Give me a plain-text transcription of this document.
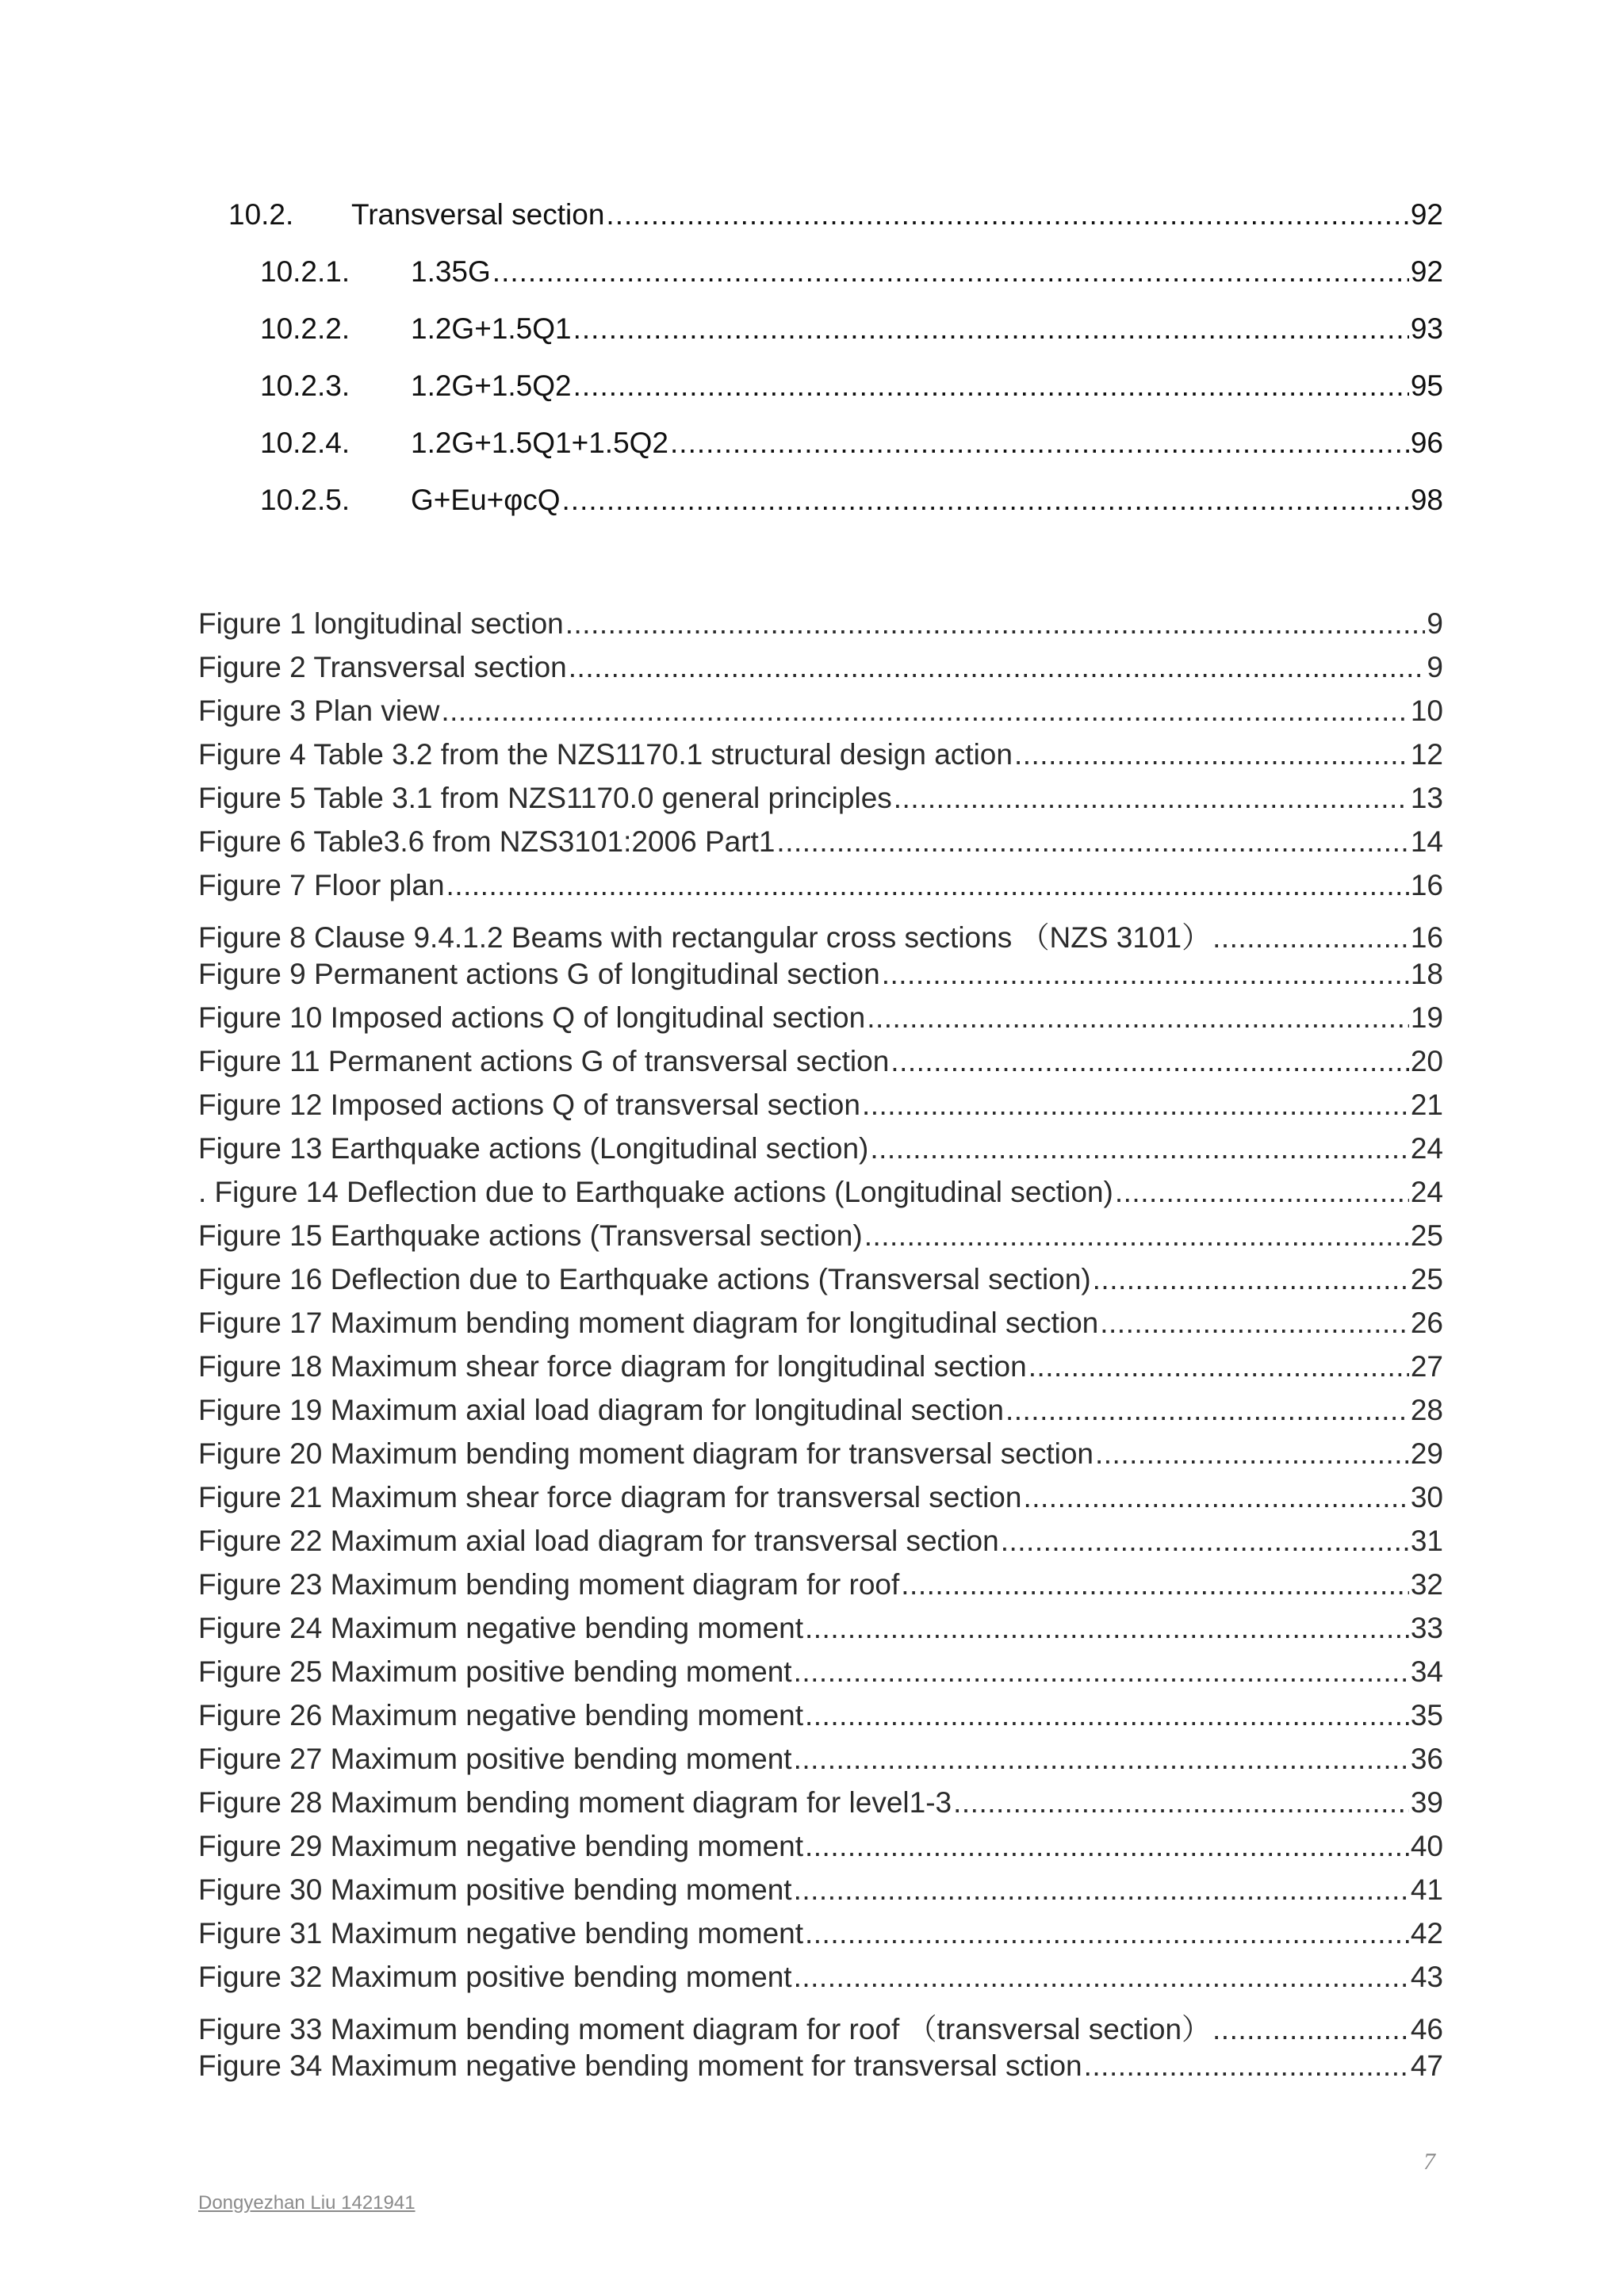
10.2.	Transversal section .....	92
10.2.1.	1.35G .....	92
10.2.2.	1.2G+1.5Q1 .....	93
10.2.3.	1.2G+1.5Q2 .....	95
10.2.4.	1.2G+1.5Q1+1.5Q2 .....	96
10.2.5.	G+Eu+φcQ .....	98
Figure 1 longitudinal section .....	9
Figure 2 Transversal section .....	9
Figure 3 Plan view .....	10
Figure 4 Table 3.2 from the NZS1170.1 structural design action .....	12
Figure 5 Table 3.1 from NZS1170.0 general principles .....	13
Figure 6 Table3.6 from NZS3101:2006 Part1 .....	14
Figure 7 Floor plan .....	16
Figure 8 Clause 9.4.1.2 Beams with rectangular cross sections （NZS 3101） .....	16
Figure 9 Permanent actions G of longitudinal section .....	18
Figure 10 Imposed actions Q of longitudinal section .....	19
Figure 11 Permanent actions G of transversal section .....	20
Figure 12 Imposed actions Q of transversal section .....	21
Figure 13 Earthquake actions (Longitudinal section) .....	24
. Figure 14 Deflection due to Earthquake actions (Longitudinal section) .....	24
Figure 15 Earthquake actions (Transversal section) .....	25
Figure 16 Deflection due to Earthquake actions (Transversal section) .....	25
Figure 17 Maximum bending moment diagram for longitudinal section .....	26
Figure 18 Maximum shear force diagram for longitudinal section .....	27
Figure 19 Maximum axial load diagram for longitudinal section .....	28
Figure 20 Maximum bending moment diagram for transversal section .....	29
Figure 21 Maximum shear force diagram for transversal section .....	30
Figure 22 Maximum axial load diagram for transversal section .....	31
Figure 23 Maximum bending moment diagram for roof .....	32
Figure 24 Maximum negative bending moment .....	33
Figure 25 Maximum positive bending moment .....	34
Figure 26 Maximum negative bending moment .....	35
Figure 27 Maximum positive bending moment .....	36
Figure 28 Maximum bending moment diagram for level1-3 .....	39
Figure 29 Maximum negative bending moment .....	40
Figure 30 Maximum positive bending moment .....	41
Figure 31 Maximum negative bending moment .....	42
Figure 32 Maximum positive bending moment .....	43
Figure 33 Maximum bending moment diagram for roof （transversal section） .....	46
Figure 34 Maximum negative bending moment for transversal sction .....	47
7
Dongyezhan Liu 1421941
